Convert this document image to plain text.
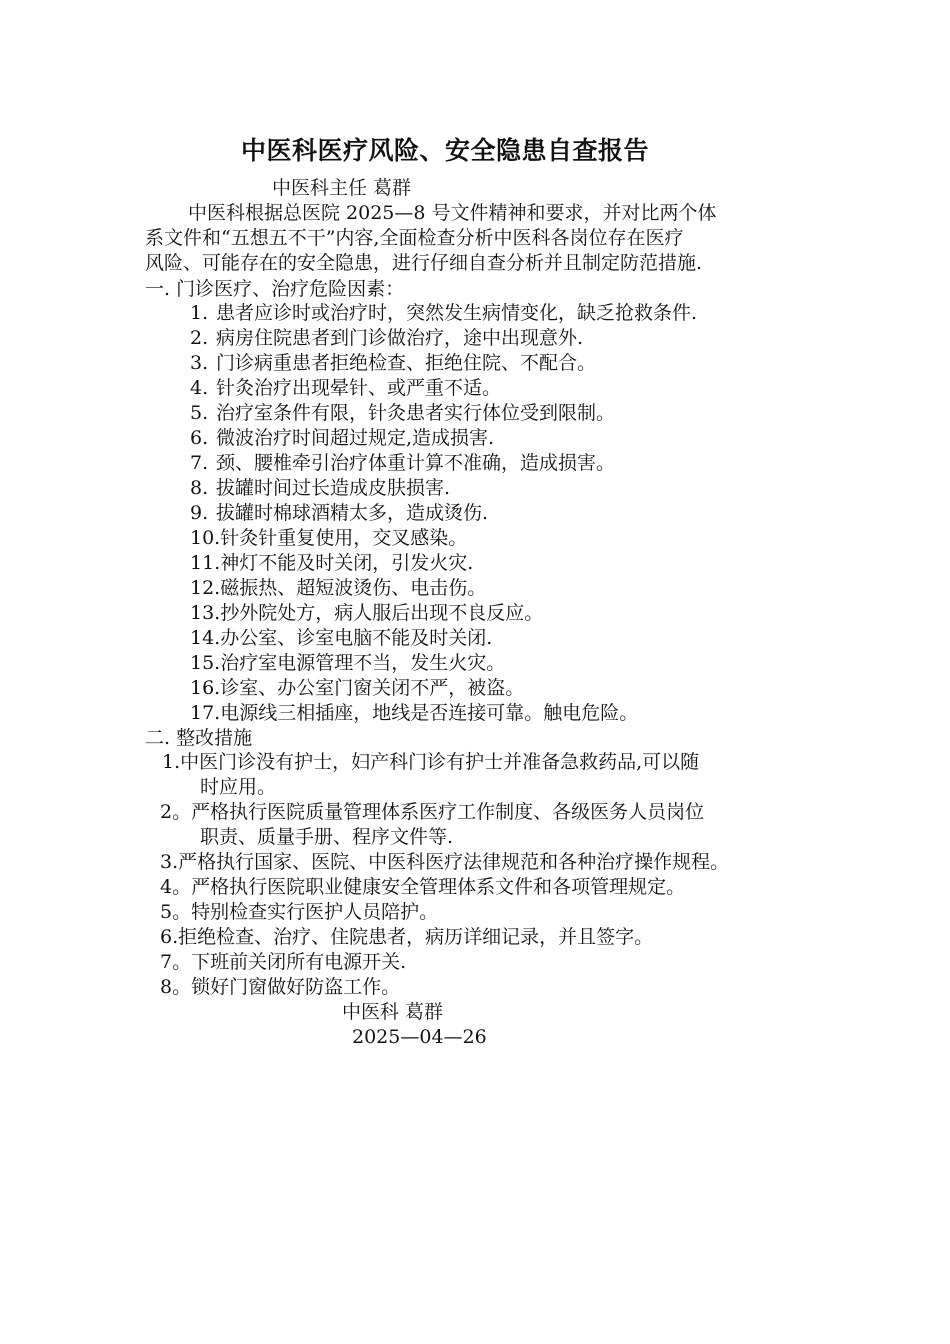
中医科医疗风险、安全隐患自查报告
中医科主任 葛群
中医科根据总医院 2025—8 号文件精神和要求，并对比两个体
系文件和“五想五不干”内容,全面检查分析中医科各岗位存在医疗
风险、可能存在的安全隐患，进行仔细自查分析并且制定防范措施.
一. 门诊医疗、治疗危险因素：
1. 患者应诊时或治疗时，突然发生病情变化，缺乏抢救条件.
2. 病房住院患者到门诊做治疗，途中出现意外.
3. 门诊病重患者拒绝检查、拒绝住院、不配合。
4. 针灸治疗出现晕针、或严重不适。
5. 治疗室条件有限，针灸患者实行体位受到限制。
6. 微波治疗时间超过规定,造成损害.
7. 颈、腰椎牵引治疗体重计算不准确，造成损害。
8. 拔罐时间过长造成皮肤损害.
9. 拔罐时棉球酒精太多，造成烫伤.
10.针灸针重复使用，交叉感染。
11.神灯不能及时关闭，引发火灾.
12.磁振热、超短波烫伤、电击伤。
13.抄外院处方，病人服后出现不良反应。
14.办公室、诊室电脑不能及时关闭.
15.治疗室电源管理不当，发生火灾。
16.诊室、办公室门窗关闭不严，被盗。
17.电源线三相插座，地线是否连接可靠。触电危险。
二. 整改措施
1.中医门诊没有护士，妇产科门诊有护士并准备急救药品,可以随
时应用。
2。严格执行医院质量管理体系医疗工作制度、各级医务人员岗位
职责、质量手册、程序文件等.
3.严格执行国家、医院、中医科医疗法律规范和各种治疗操作规程。
4。严格执行医院职业健康安全管理体系文件和各项管理规定。
5。特别检查实行医护人员陪护。
6.拒绝检查、治疗、住院患者，病历详细记录，并且签字。
7。下班前关闭所有电源开关.
8。锁好门窗做好防盗工作。
中医科 葛群
2025—04—26
